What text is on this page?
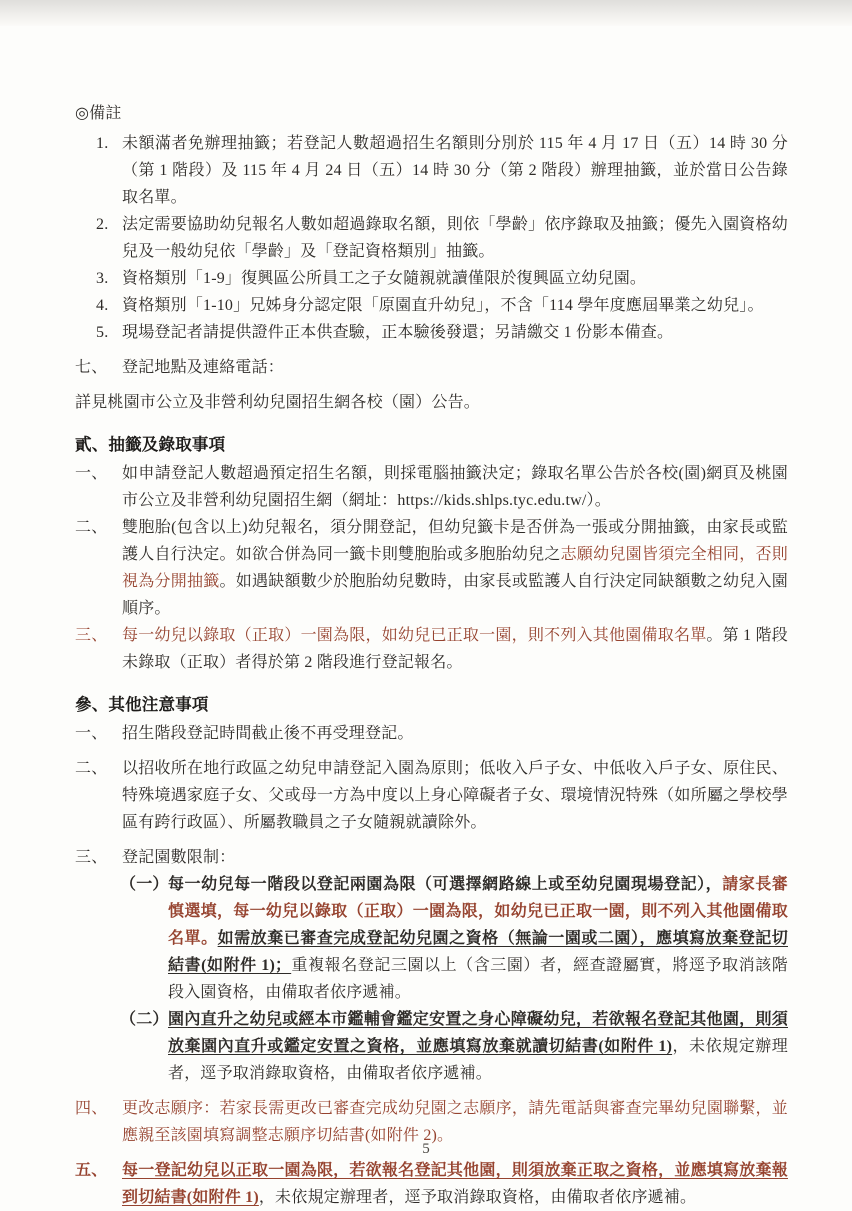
◎備註
1. 未額滿者免辦理抽籤；若登記人數超過招生名額則分別於 115 年 4 月 17 日（五）14 時 30 分（第 1 階段）及 115 年 4 月 24 日（五）14 時 30 分（第 2 階段）辦理抽籤，並於當日公告錄取名單。
2. 法定需要協助幼兒報名人數如超過錄取名額，則依「學齡」依序錄取及抽籤；優先入園資格幼兒及一般幼兒依「學齡」及「登記資格類別」抽籤。
3. 資格類別「1-9」復興區公所員工之子女隨親就讀僅限於復興區立幼兒園。
4. 資格類別「1-10」兄姊身分認定限「原園直升幼兒」，不含「114 學年度應屆畢業之幼兒」。
5. 現場登記者請提供證件正本供查驗，正本驗後發還；另請繳交 1 份影本備查。
七、 登記地點及連絡電話：
詳見桃園市公立及非營利幼兒園招生網各校（園）公告。
貳、抽籤及錄取事項
一、 如申請登記人數超過預定招生名額，則採電腦抽籤決定；錄取名單公告於各校(園)網頁及桃園市公立及非營利幼兒園招生網（網址：https://kids.shlps.tyc.edu.tw/）。
二、 雙胞胎(包含以上)幼兒報名，須分開登記，但幼兒籤卡是否併為一張或分開抽籤，由家長或監護人自行決定。如欲合併為同一籤卡則雙胞胎或多胞胎幼兒之志願幼兒園皆須完全相同，否則視為分開抽籤。如遇缺額數少於胞胎幼兒數時，由家長或監護人自行決定同缺額數之幼兒入園順序。
三、 每一幼兒以錄取（正取）一園為限，如幼兒已正取一園，則不列入其他園備取名單。第 1 階段未錄取（正取）者得於第 2 階段進行登記報名。
參、其他注意事項
一、 招生階段登記時間截止後不再受理登記。
二、 以招收所在地行政區之幼兒申請登記入園為原則；低收入戶子女、中低收入戶子女、原住民、特殊境遇家庭子女、父或母一方為中度以上身心障礙者子女、環境情況特殊（如所屬之學校學區有跨行政區）、所屬教職員之子女隨親就讀除外。
三、 登記園數限制：
（一） 每一幼兒每一階段以登記兩園為限（可選擇網路線上或至幼兒園現場登記），請家長審慎選填，每一幼兒以錄取（正取）一園為限，如幼兒已正取一園，則不列入其他園備取名單。如需放棄已審查完成登記幼兒園之資格（無論一園或二園），應填寫放棄登記切結書(如附件 1)；重複報名登記三園以上（含三園）者，經查證屬實，將逕予取消該階段入園資格，由備取者依序遞補。
（二） 園內直升之幼兒或經本市鑑輔會鑑定安置之身心障礙幼兒，若欲報名登記其他園，則須放棄園內直升或鑑定安置之資格，並應填寫放棄就讀切結書(如附件 1)，未依規定辦理者，逕予取消錄取資格，由備取者依序遞補。
四、 更改志願序：若家長需更改已審查完成幼兒園之志願序，請先電話與審查完畢幼兒園聯繫，並應親至該園填寫調整志願序切結書(如附件 2)。
五、 每一登記幼兒以正取一園為限，若欲報名登記其他園，則須放棄正取之資格，並應填寫放棄報到切結書(如附件 1)，未依規定辦理者，逕予取消錄取資格，由備取者依序遞補。
5
